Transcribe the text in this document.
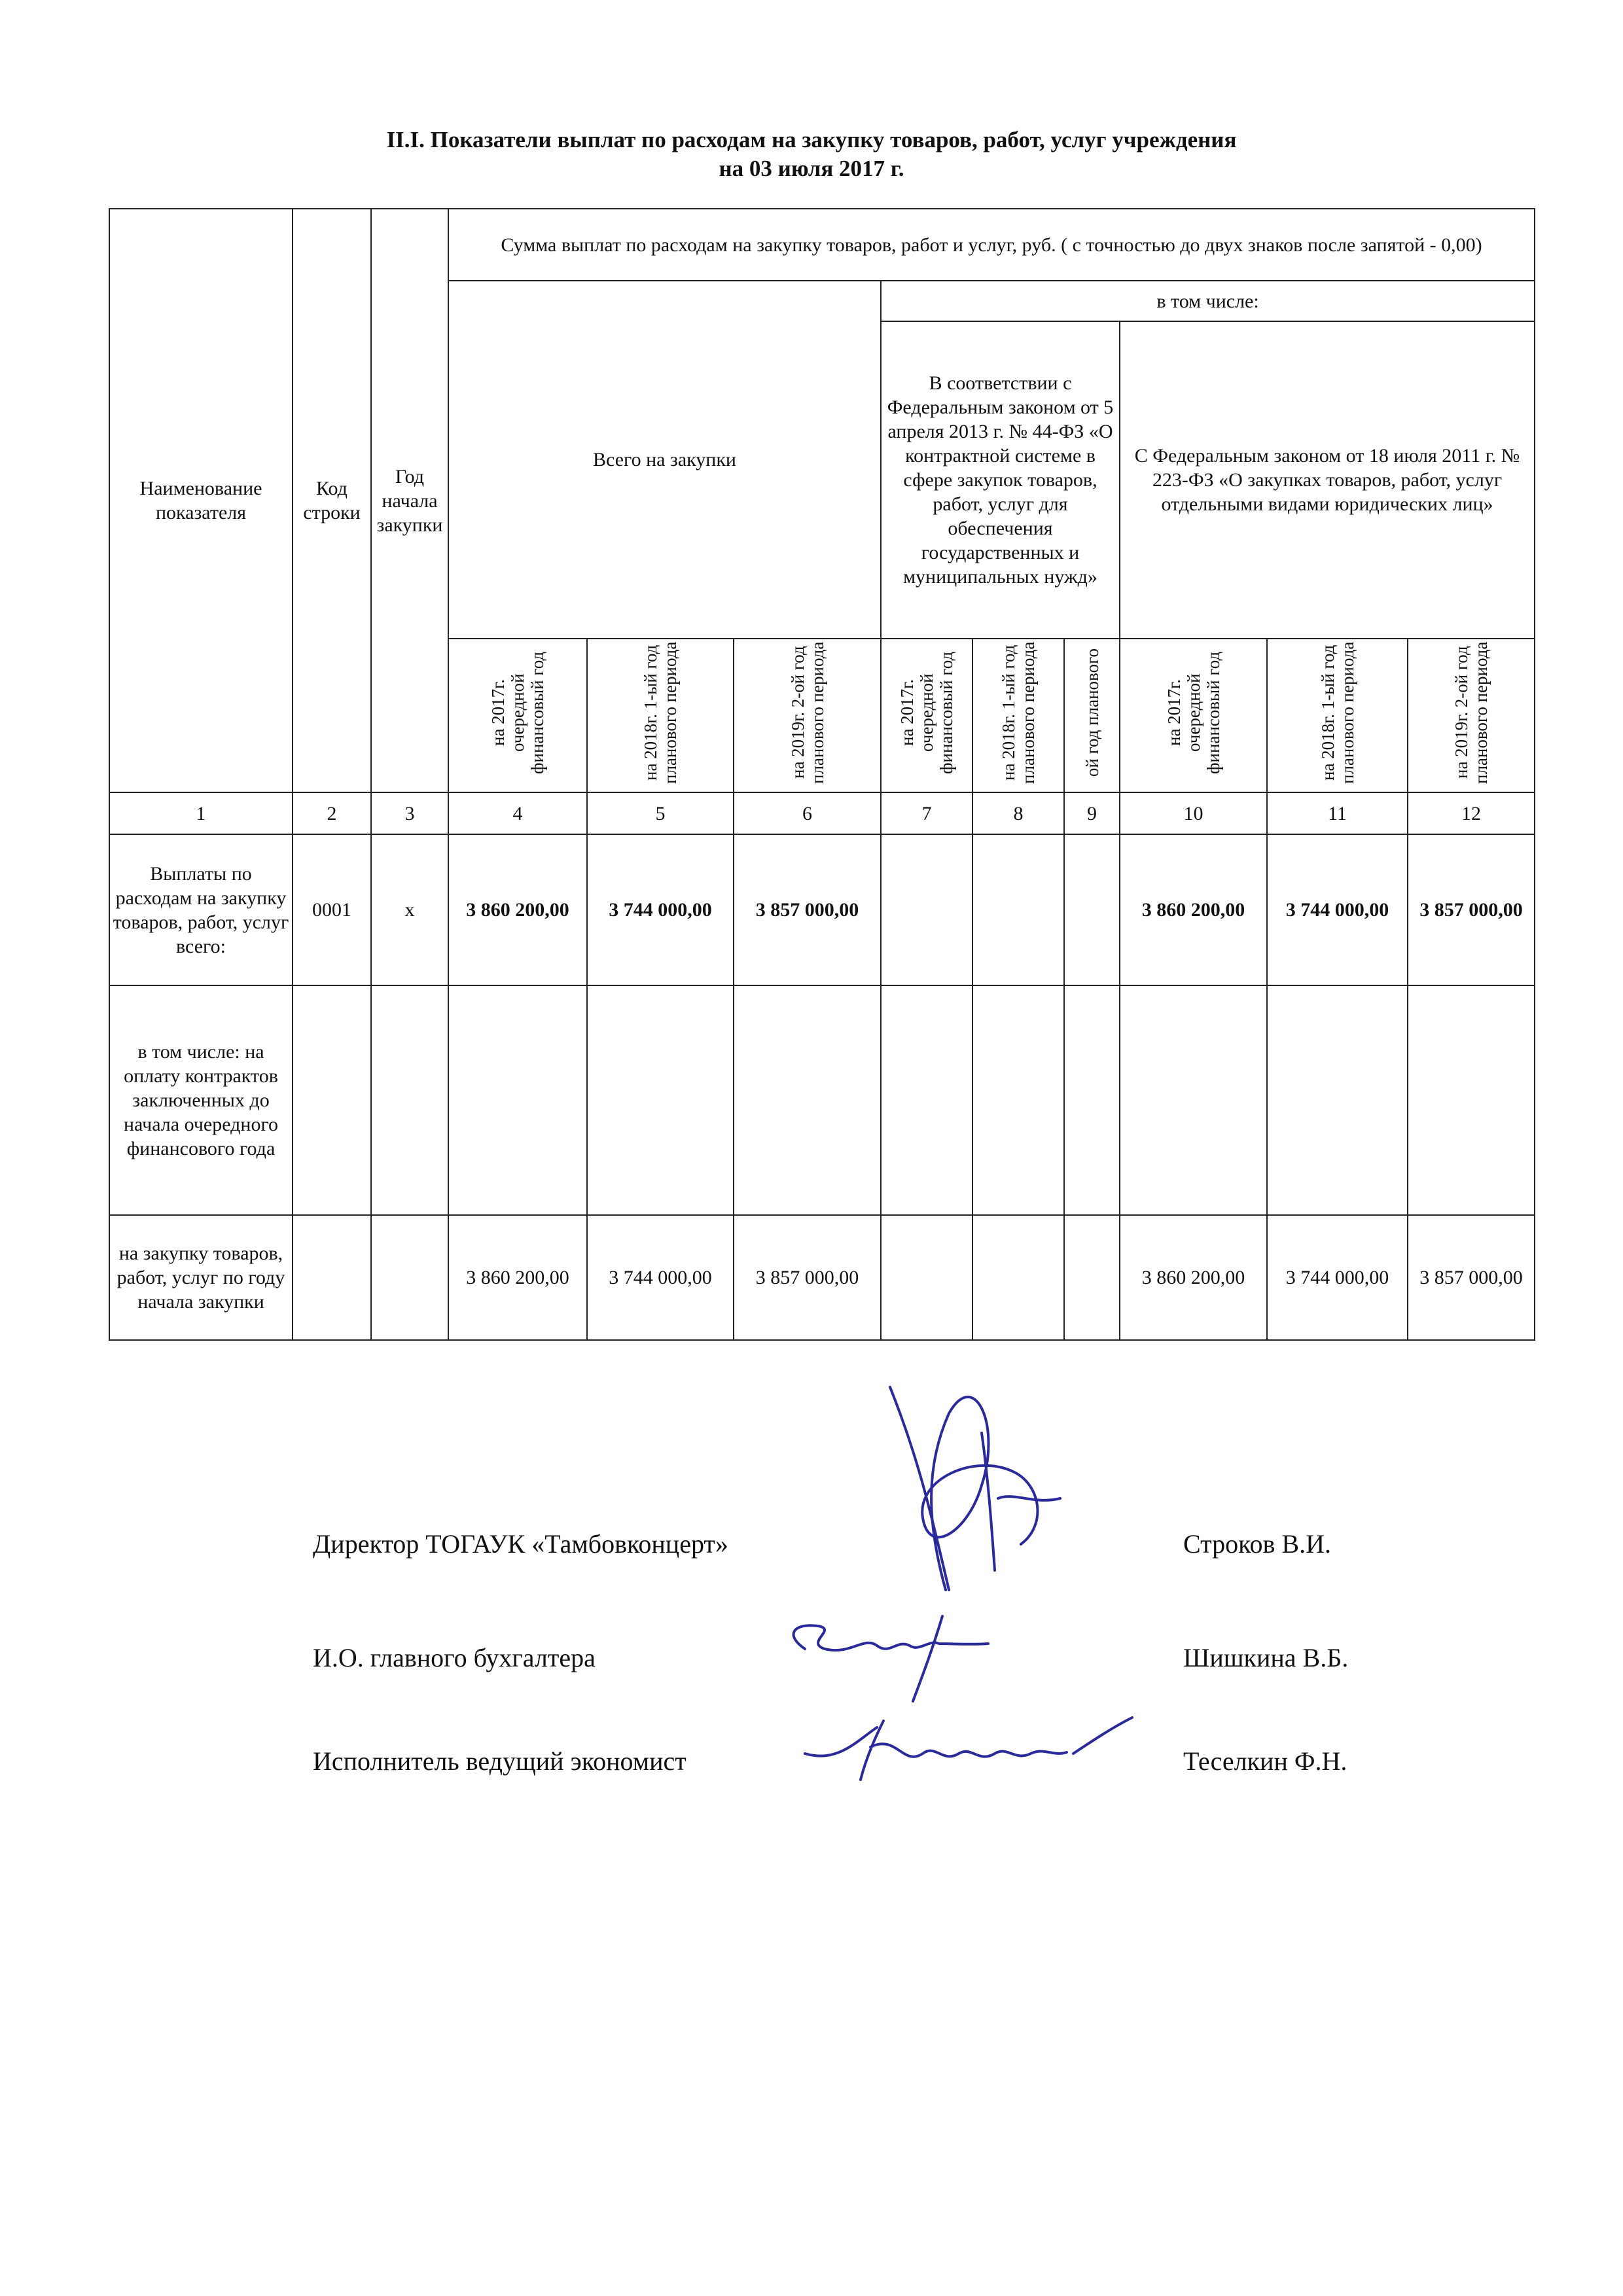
II.I. Показатели выплат по расходам на закупку товаров, работ, услуг учреждения
на 03 июля 2017 г.
Наименование показателя	Код строки	Год начала закупки	Сумма выплат по расходам на закупку товаров, работ и услуг, руб. ( с точностью до двух знаков после запятой - 0,00)								
			Всего на закупки			в том числе:					
						В соответствии с Федеральным законом от 5 апреля 2013 г. № 44-ФЗ «О контрактной системе в сфере закупок товаров, работ, услуг для обеспечения государственных и муниципальных нужд»			С Федеральным законом от 18 июля 2011 г. № 223-ФЗ «О закупках товаров, работ, услуг отдельными видами юридических лиц»		
			на 2017г. очередной финансовый год	на 2018г. 1-ый год планового периода	на 2019г. 2-ой год планового периода	на 2017г. очередной финансовый год	на 2018г. 1-ый год планового периода	ой год планового	на 2017г. очередной финансовый год	на 2018г. 1-ый год планового периода	на 2019г. 2-ой год планового периода
1	2	3	4	5	6	7	8	9	10	11	12
Выплаты по расходам на закупку товаров, работ, услуг всего:	0001	x	3 860 200,00	3 744 000,00	3 857 000,00				3 860 200,00	3 744 000,00	3 857 000,00
в том числе: на оплату контрактов заключенных до начала очередного финансового года											
на закупку товаров, работ, услуг по году начала закупки			3 860 200,00	3 744 000,00	3 857 000,00				3 860 200,00	3 744 000,00	3 857 000,00
Директор ТОГАУК «Тамбовконцерт»	Строков В.И.
И.О. главного бухгалтера	Шишкина В.Б.
Исполнитель ведущий экономист	Теселкин Ф.Н.
